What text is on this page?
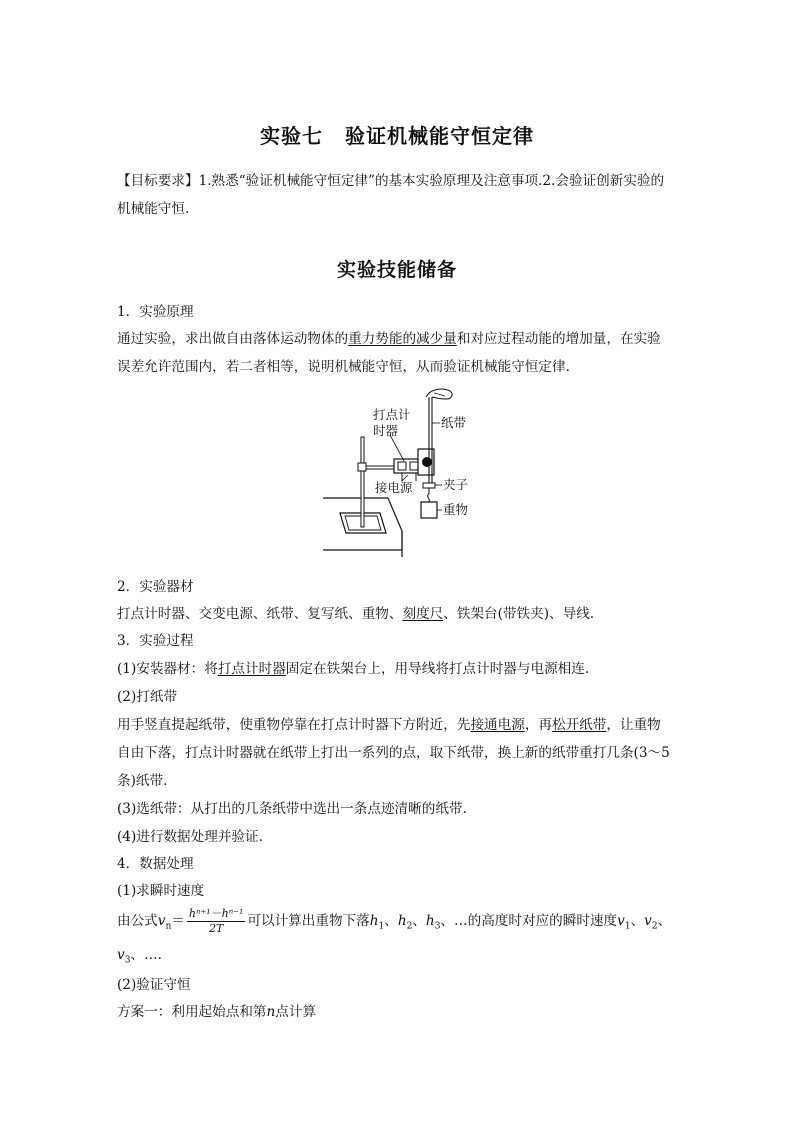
实验七 验证机械能守恒定律
【目标要求】1.熟悉“验证机械能守恒定律”的基本实验原理及注意事项.2.会验证创新实验的
机械能守恒.
实验技能储备
1．实验原理
通过实验，求出做自由落体运动物体的重力势能的减少量和对应过程动能的增加量，在实验
误差允许范围内，若二者相等，说明机械能守恒，从而验证机械能守恒定律.
打点计
时器
纸带
接电源 夹子
重物
2．实验器材
打点计时器、交变电源、纸带、复写纸、重物、刻度尺、铁架台(带铁夹)、导线.
3．实验过程
(1)安装器材：将打点计时器固定在铁架台上，用导线将打点计时器与电源相连.
(2)打纸带
用手竖直提起纸带，使重物停靠在打点计时器下方附近，先接通电源，再松开纸带，让重物
自由下落，打点计时器就在纸带上打出一系列的点，取下纸带，换上新的纸带重打几条(3～5
条)纸带.
(3)选纸带：从打出的几条纸带中选出一条点迹清晰的纸带.
(4)进行数据处理并验证.
4．数据处理
(1)求瞬时速度
由公式$v_n= \frac{\text{hⁿ⁺¹－hⁿ⁻¹}}{2T}$ 可以计算出重物下落$h_1$、$h_2$、$h_3$、…的高度时对应的瞬时速度$v_1$、$v_2$、
$v_3$、….
(2)验证守恒
方案一：利用起始点和第n点计算
